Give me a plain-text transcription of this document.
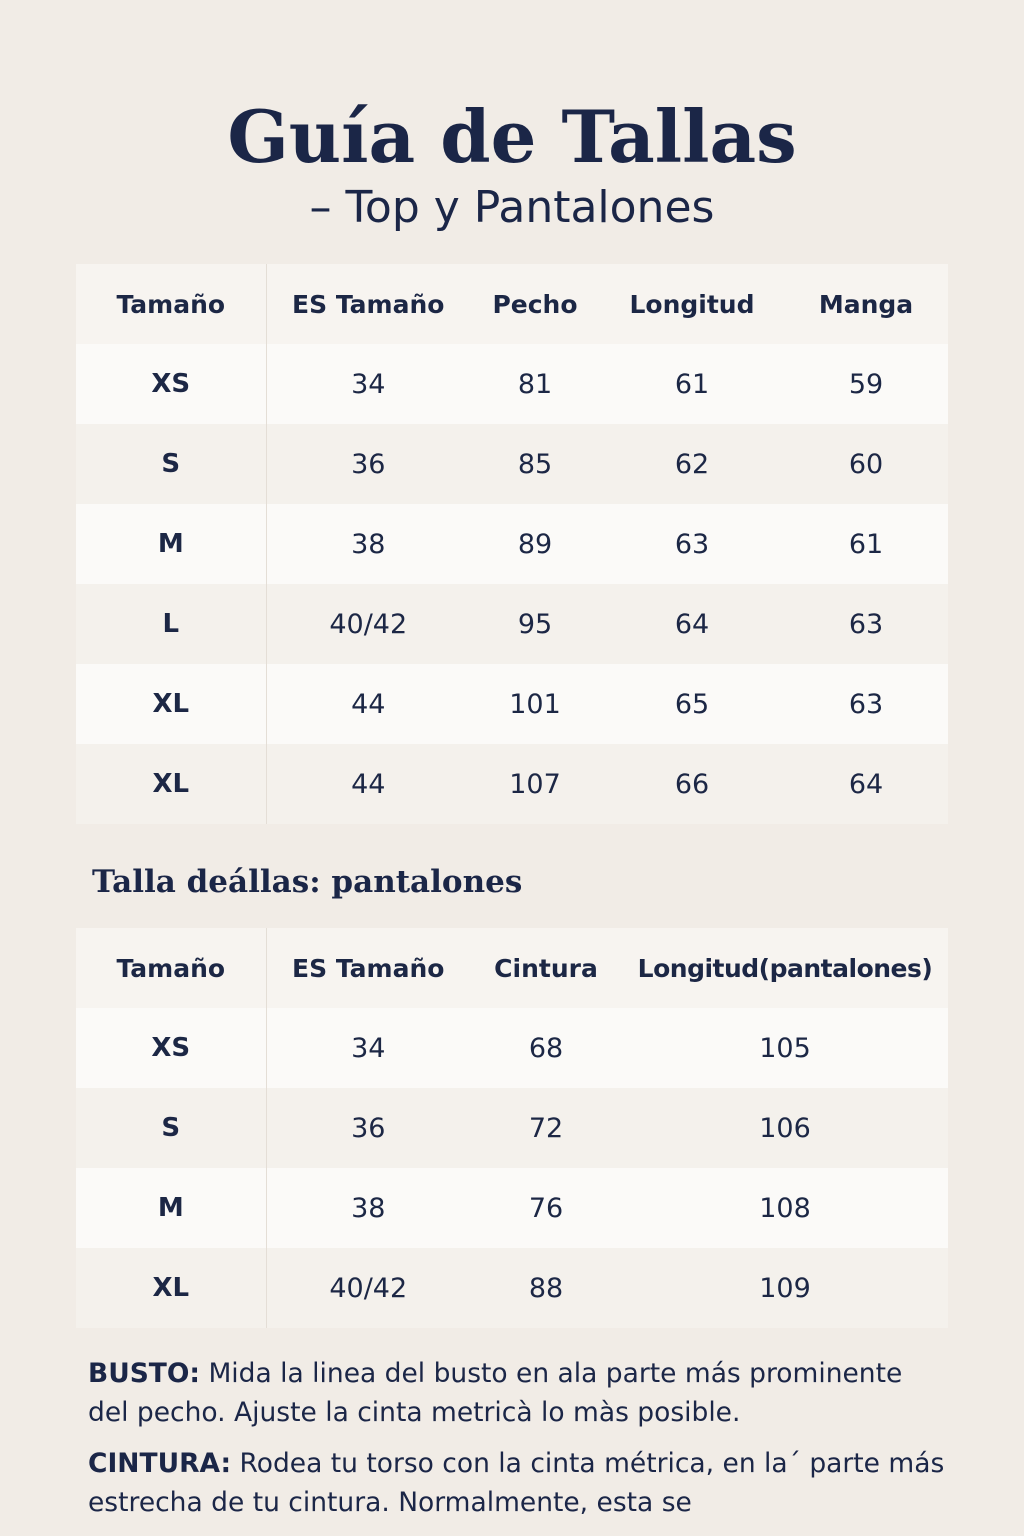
Guía de Tallas
– Top y Pantalones
Tamaño	ES Tamaño	Pecho	Longitud	Manga
XS	34	81	61	59
S	36	85	62	60
M	38	89	63	61
L	40/42	95	64	63
XL	44	101	65	63
XL	44	107	66	64
Talla deállas: pantalones
Tamaño	ES Tamaño	Cintura	Longitud(pantalones)
XS	34	68	105
S	36	72	106
M	38	76	108
XL	40/42	88	109

BUSTO: Mida la linea del busto en ala parte más prominente del pecho. Ajuste la cinta metricà lo màs posible.

CINTURA: Rodea tu torso con la cinta métrica, en la´ parte más estrecha de tu cintura. Normalmente, esta se
